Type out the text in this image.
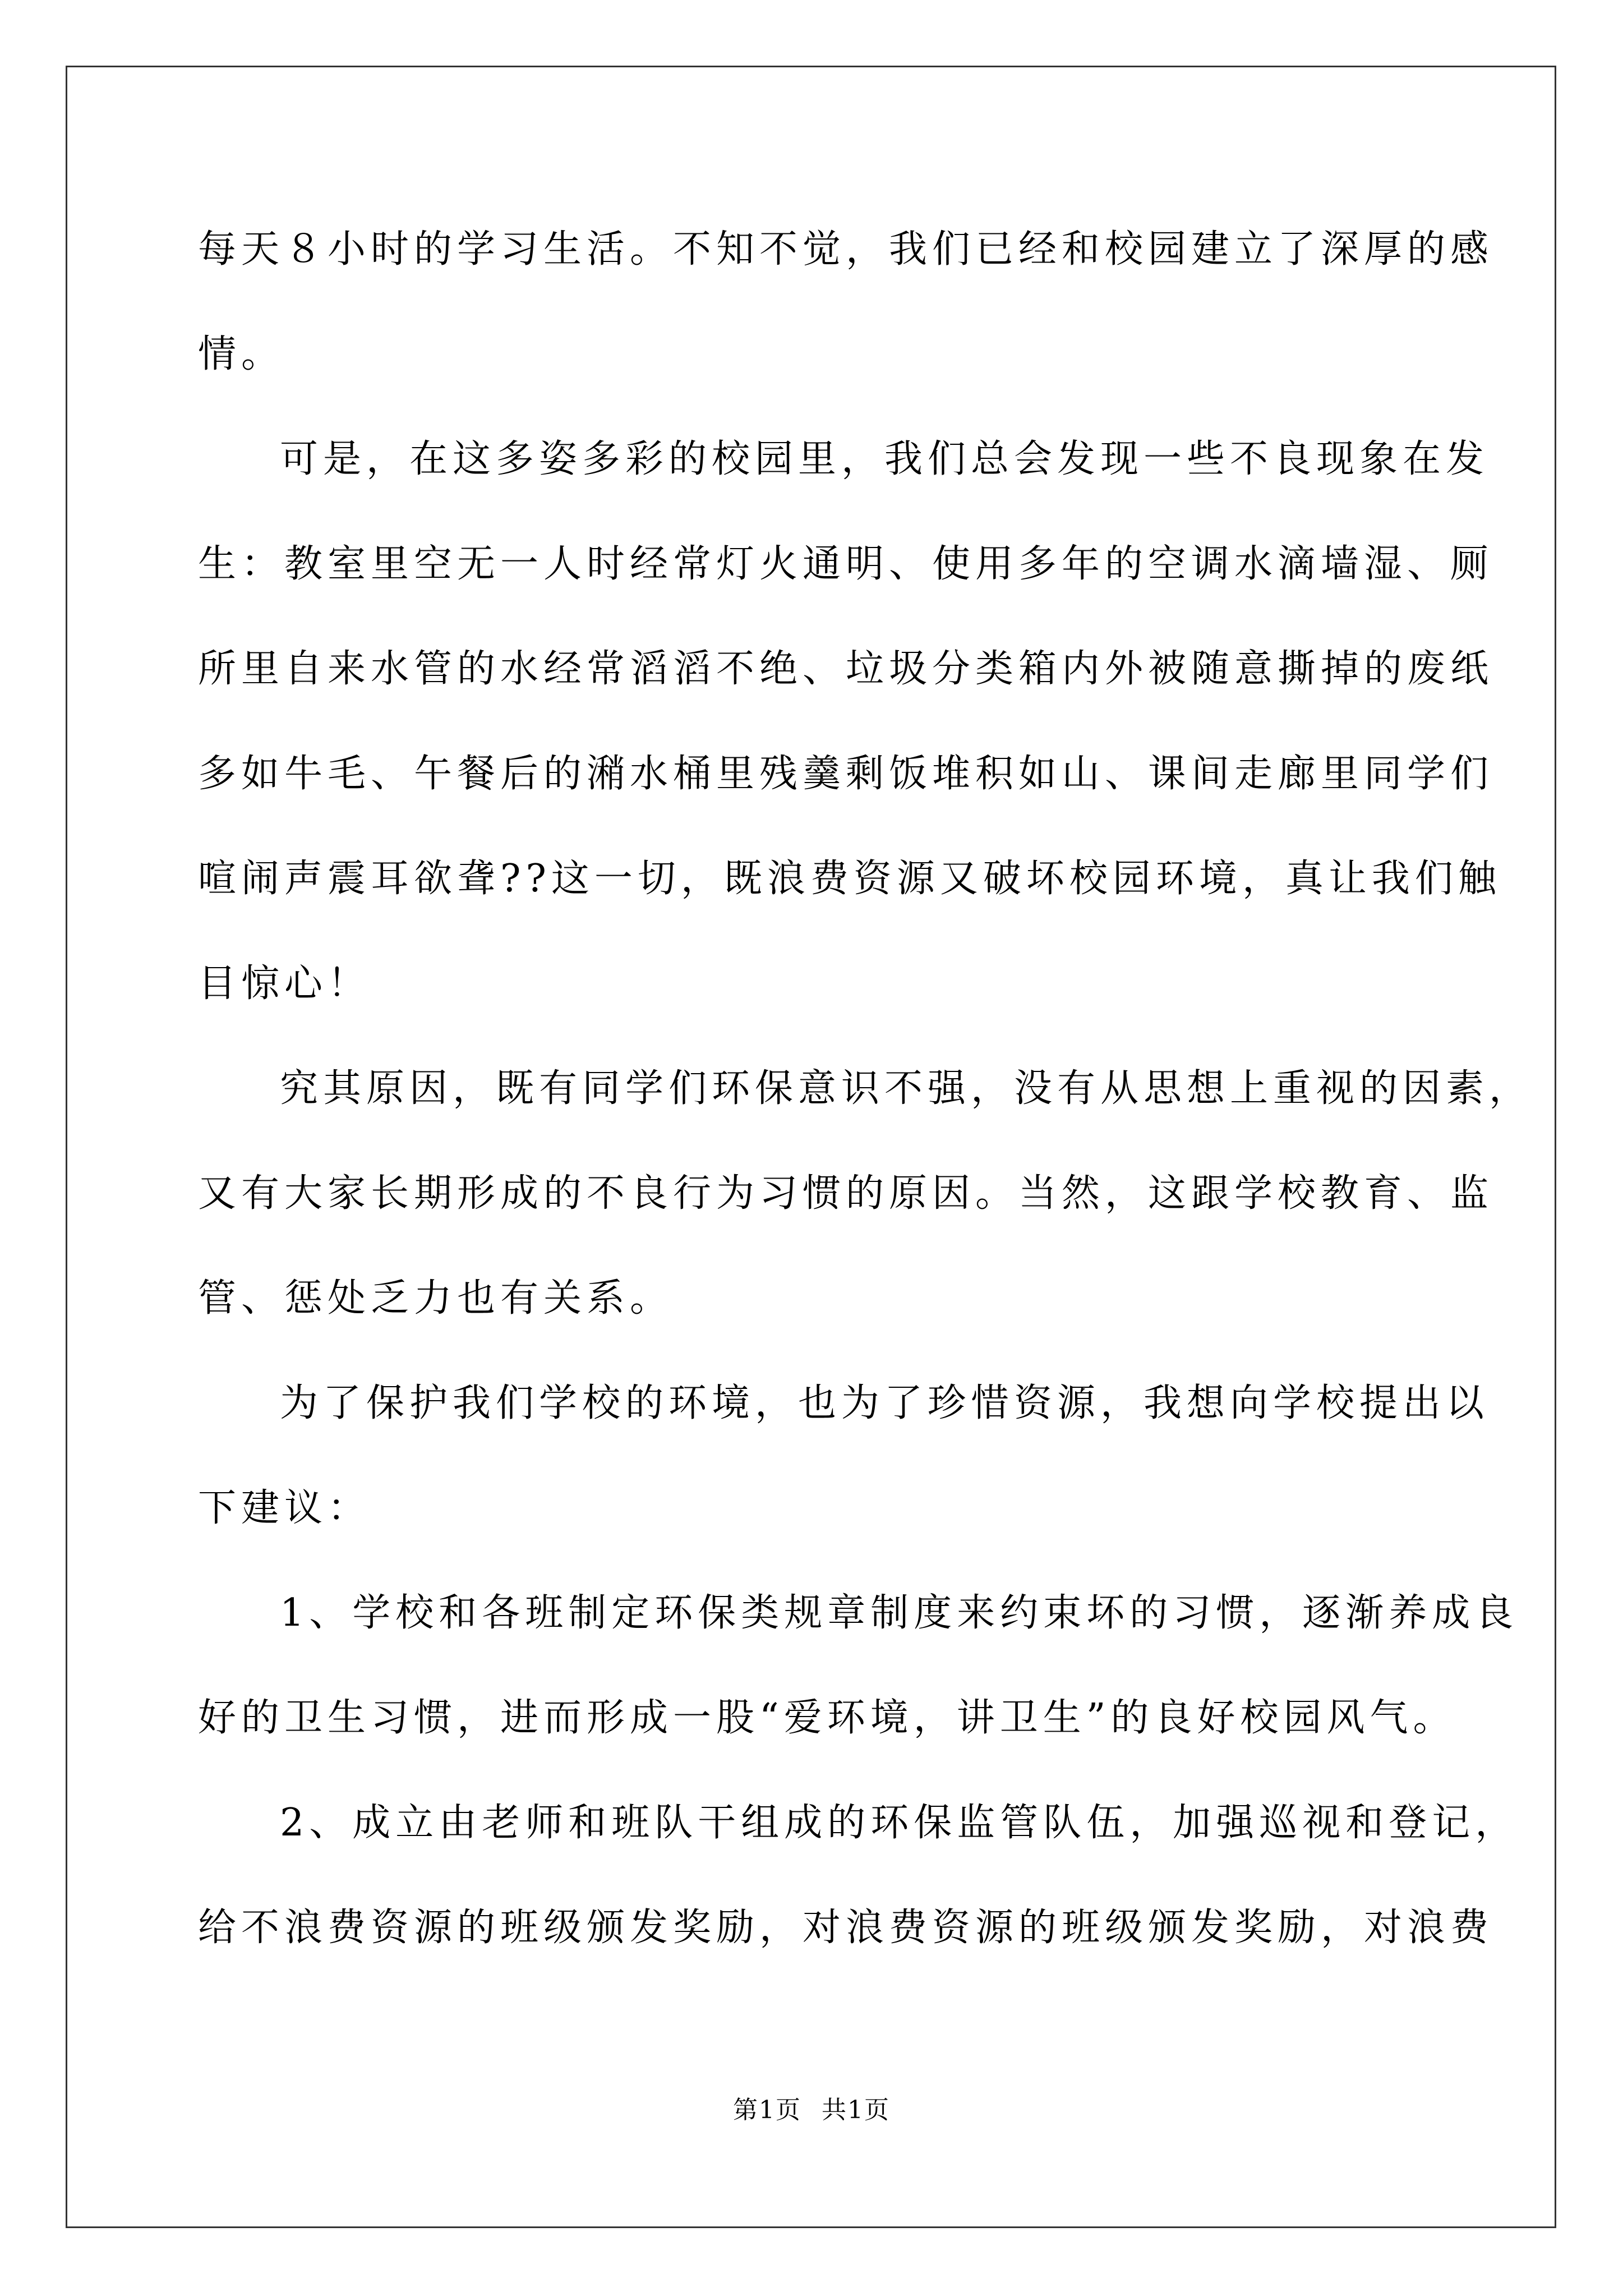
每天８小时的学习生活。不知不觉，我们已经和校园建立了深厚的感
情。
可是，在这多姿多彩的校园里，我们总会发现一些不良现象在发
生：教室里空无一人时经常灯火通明、使用多年的空调水滴墙湿、厕
所里自来水管的水经常滔滔不绝、垃圾分类箱内外被随意撕掉的废纸
多如牛毛、午餐后的潲水桶里残羹剩饭堆积如山、课间走廊里同学们
喧闹声震耳欲聋??这一切，既浪费资源又破坏校园环境，真让我们触
目惊心！
究其原因，既有同学们环保意识不强，没有从思想上重视的因素，
又有大家长期形成的不良行为习惯的原因。当然，这跟学校教育、监
管、惩处乏力也有关系。
为了保护我们学校的环境，也为了珍惜资源，我想向学校提出以
下建议：
1、学校和各班制定环保类规章制度来约束坏的习惯，逐渐养成良
好的卫生习惯，进而形成一股“爱环境，讲卫生”的良好校园风气。
2、成立由老师和班队干组成的环保监管队伍，加强巡视和登记，
给不浪费资源的班级颁发奖励，对浪费资源的班级颁发奖励，对浪费
第1页 共1页
